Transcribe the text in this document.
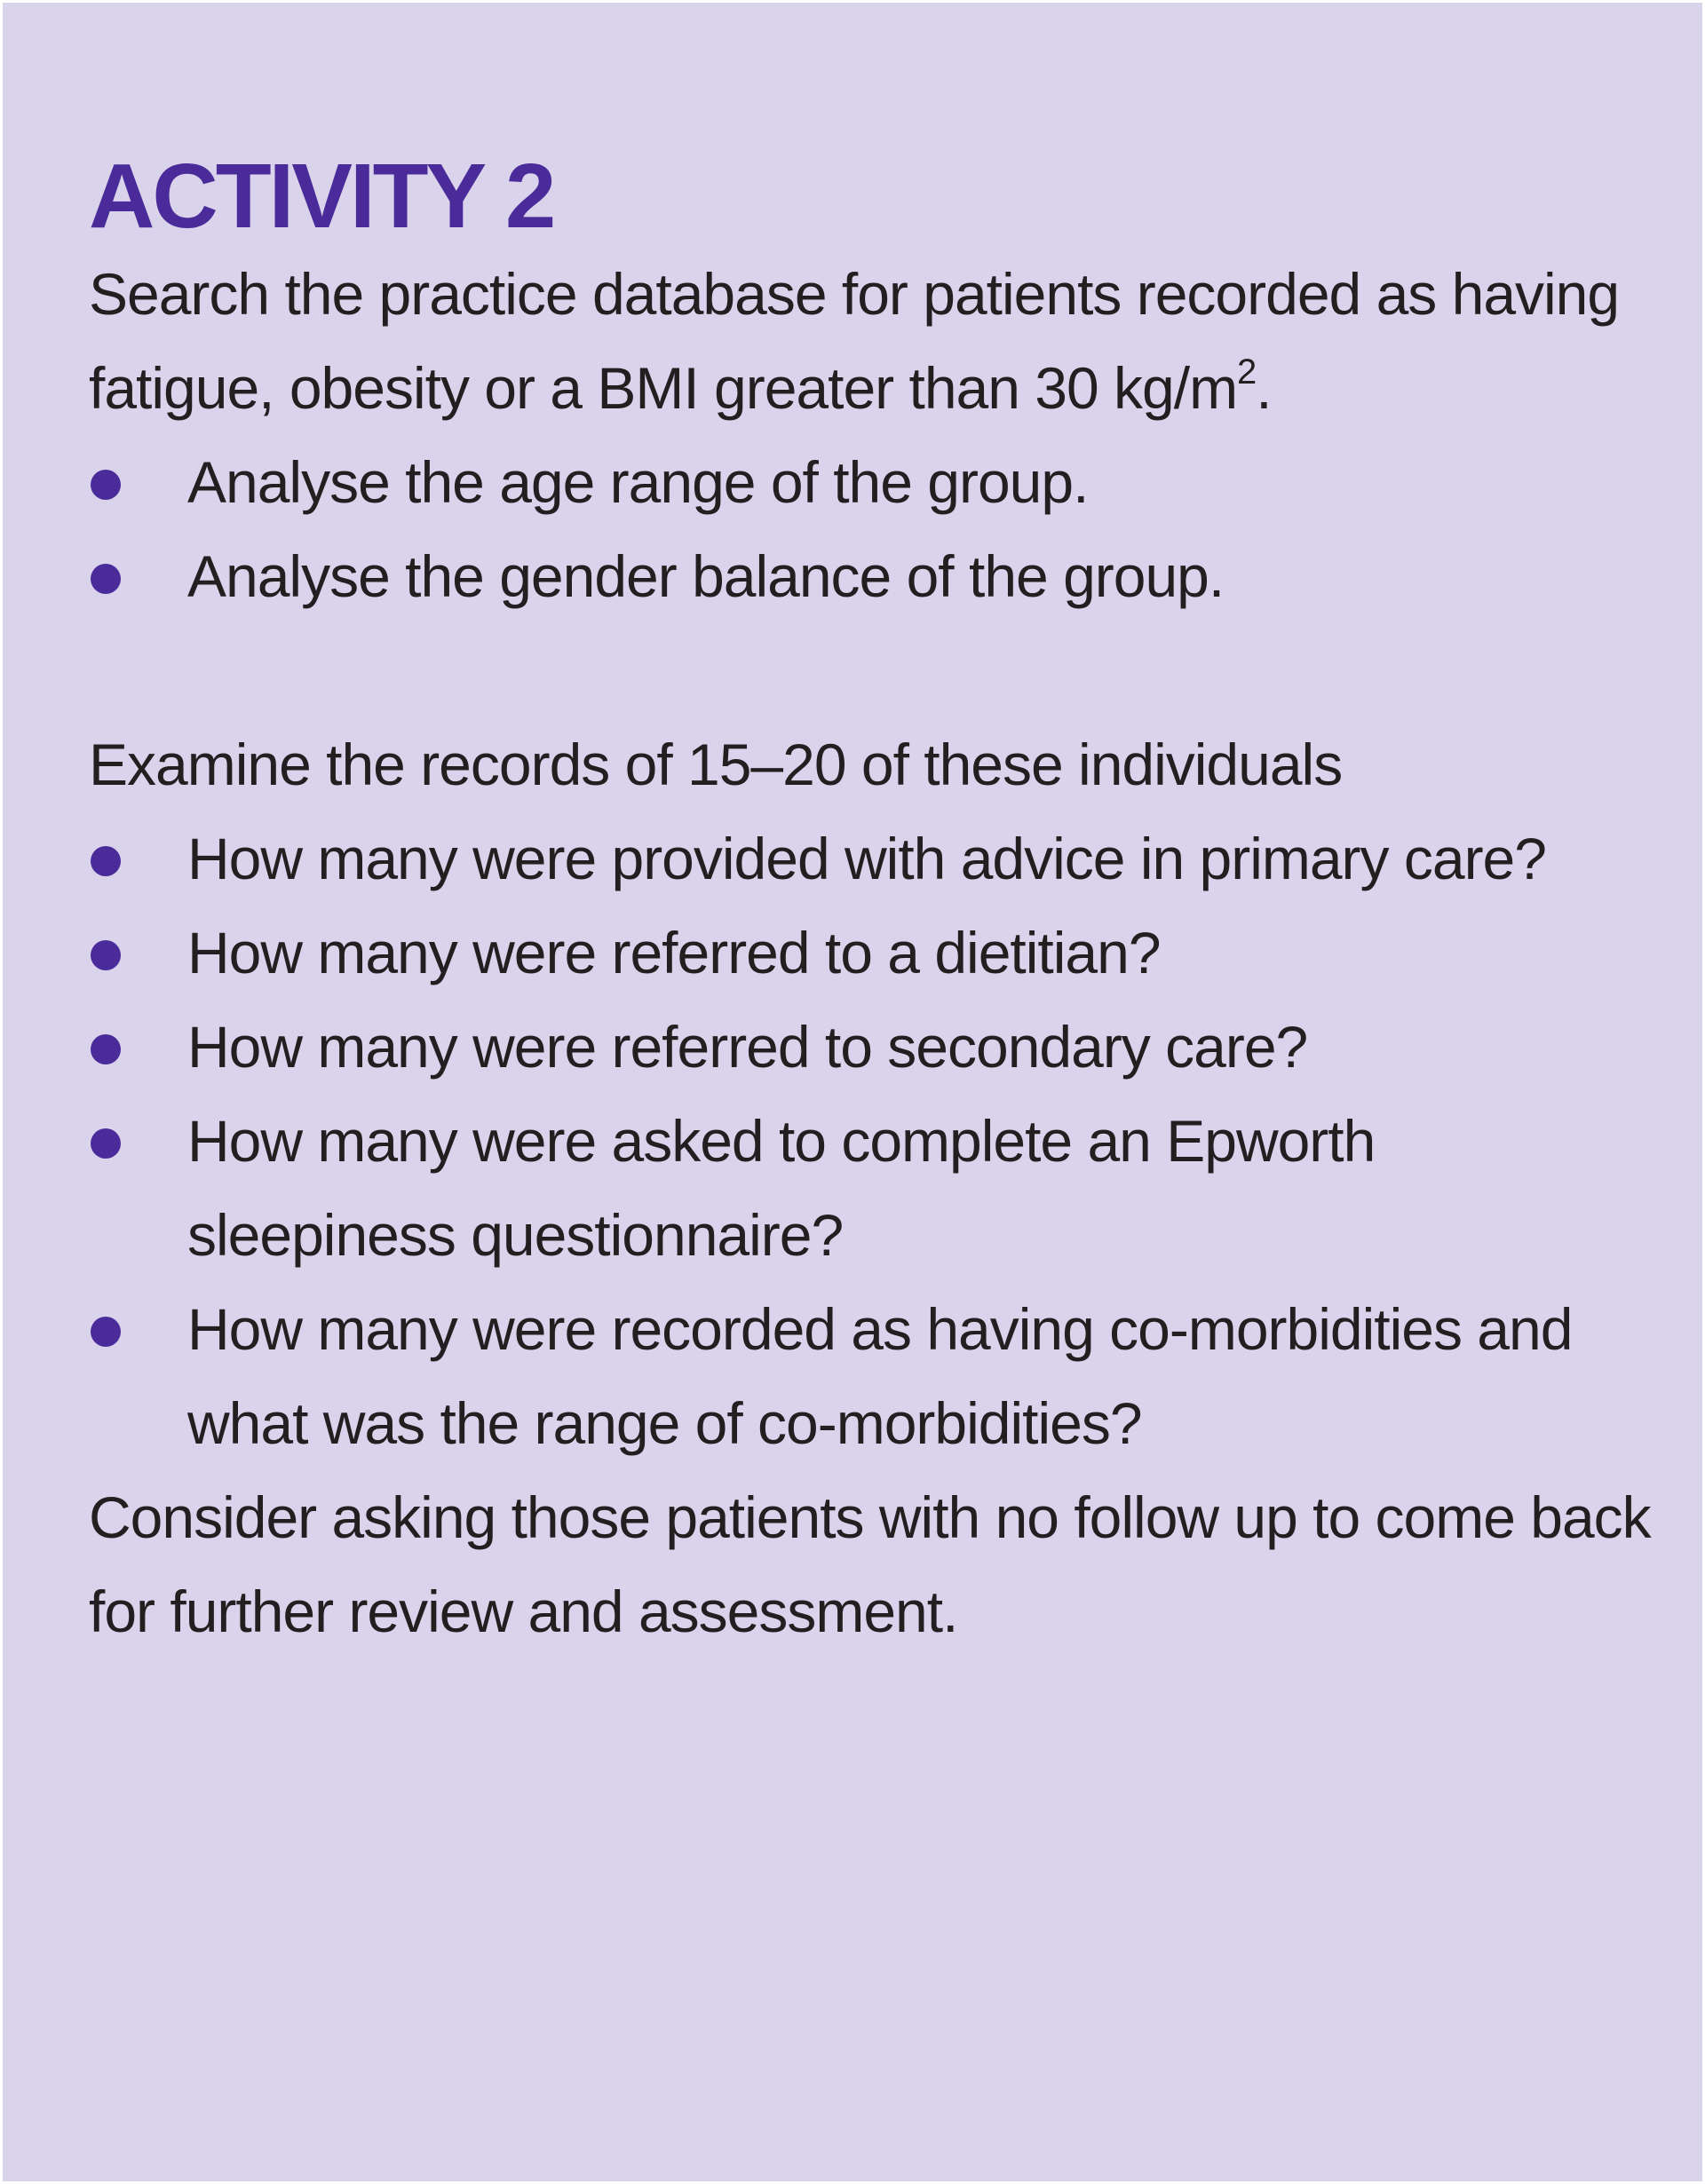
ACTIVITY 2

Search the practice database for patients recorded as having fatigue, obesity or a BMI greater than 30 $kg/m^2$.

Analyse the age range of the group.
Analyse the gender balance of the group.

Examine the records of 15–20 of these individuals

How many were provided with advice in primary care?
How many were referred to a dietitian?
How many were referred to secondary care?
How many were asked to complete an Epworth sleepiness questionnaire?
How many were recorded as having co-morbidities and what was the range of co-morbidities?

Consider asking those patients with no follow up to come back for further review and assessment.
